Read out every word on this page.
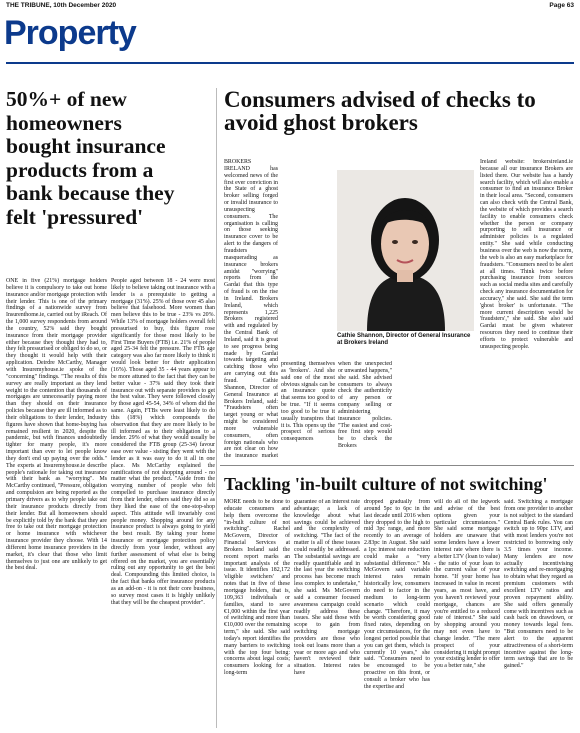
THE TRIBUNE, 10th December 2020	Page 63
Property
50%+ of new homeowners bought insurance products from a bank because they felt 'pressured'

ONE in five (21%) mortgage holders believe it is compulsory to take out home insurance and/or mortgage protection with their lender. This is one of the primary findings of a nationwide survey from Insurenthome.ie, carried out by iReach. Of the 1,000 survey respondents from around the country, 52% said they bought insurance from their mortgage provider either because they thought they had to, they felt pressurised or obliged to do so, or they thought it would help with their application. Deirdre McCarthy, Manager with Insuremyhouse.ie spoke of the "concerning" findings. "The results of this survey are really important as they lend weight to the contention that thousands of mortgages are unnecessarily paying more than they should on their insurance policies because they are ill informed as to their obligations to their lender, Industry figures have shown that home-buying has remained resilient in 2020, despite the pandemic, but with finances undoubtedly tighter for many people, it's more important than ever to let people know they don't end up paying over the odds." The experts at Insuremyhouse.ie describe people's rationale for taking out insurance with their bank as "worrying". Ms McCarthy continued, "Pressure, obligation and compulsion are being reported as the primary drivers as to why people take out their insurance products directly from their lender. But all homeowners should be explicitly told by the bank that they are free to take out their mortgage protection or home insurance with whichever insurance provider they choose. With 14 different home insurance providers in the market, it's clear that those who limit themselves to just one are unlikely to get the best deal.

People aged between 18 - 24 were most likely to believe taking out insurance with a lender is a prerequisite to getting a mortgage (31%). 25% of those over 45 also believe that falsehood. More women than men believe this to be true - 23% vs 20%. While 13% of mortgage holders overall felt pressurised to buy, this figure rose significantly for those most likely to be First Time Buyers (FTB) i.e. 21% of people aged 25-34 felt the pressure. The FTB age category was also far more likely to think it would look better for their application (16%). Those aged 35 - 44 years appear to be more attuned to the fact that they can be better value - 37% said they took their insurance out with separate providers to get the best value. They were followed closely by those aged 45-54, 34% of whom did the same. Again, FTBs were least likely to do this (18%) which compounds the observation that they are more likely to be ill informed as to their obligation to a lender. 29% of what they would usually be considered the FTB group (25-34) favour ease over value - sisting they went with the lender as it was easy to do it all in one place. Ms McCarthy explained the ramifications of not shopping around - no matter what the product. "Aside from the worrying number of people who felt compelled to purchase insurance directly from their lender, others said they did so as they liked the ease of the one-stop-shop aspect. This attitude will invariably cost people money. Shopping around for any insurance product is always going to yield the best result. By taking your home insurance or mortgage protection policy directly from your lender, without any further assessment of what else is being offered on the market, you are essentially ruling out any opportunity to get the best deal. Compounding this limited choice, is the fact that banks offer insurance products as an add-on - it is not their core business, so survey most cases it is highly unlikely that they will be the cheapest provider".

Consumers advised of checks to avoid ghost brokers

BROKERS IRELAND has welcomed news of the first ever conviction in the State of a ghost broker selling forged or invalid insurance to unsuspecting consumers. The organisation is calling on those seeking insurance cover to be alert to the dangers of fraudsters masquerading as insurance brokers amidst "worrying" reports from the Gardai that this type of fraud is on the rise in Ireland. Brokers Ireland, which represents 1,225 Brokers registered with and regulated by the Central Bank of Ireland, said it is great to see progress being made by Gardai towards targeting and catching those who are carrying out this fraud. Cathie Shannon, Director of General Insurance at Brokers Ireland, said: "Fraudsters often target young or what might be considered more vulnerable consumers, often foreign nationals who are not clear on how the insurance market

presenting themselves as 'brokers'. And she said one of the most obvious signals can be an insurance quote that seems too good to be true. "If it seems too good to be true it usually transpires that it is. This opens up the prospect of serious consequences

when the unexpected or unwanted happens," she said. She advised consumers to always check the authenticity of any person or company selling or administering insurance policies. "The easiest and cost-free first step would be to check the Brokers

Ireland website: brokersireland.ie because all our insurance Brokers are listed there. Our website has a handy search facility, which will also enable a consumer to find an insurance Broker in their local area. "Second, consumers can also check with the Central Bank, the website of which provides a search facility to enable consumers check whether the person or company purporting to sell insurance or administer policies is a regulated entity." She said while conducting business over the web is now the norm, the web is also an easy marketplace for fraudsters. "Consumers need to be alert at all times. Think twice before purchasing insurance from sources such as social media sites and carefully check any insurance documentation for accuracy," she said. She said the term 'ghost broker' is unfortunate. "The more current description would be 'fraudsters'," she said. She also said Gardai must be given whatever resources they need to continue their efforts to protect vulnerable and unsuspecting people.

Cathie Shannon, Director of General Insurance at Brokers Ireland
Tackling 'in-built culture of not switching'

MORE needs to be done to educate consumers and help them overcome the "in-built culture of not switching". Rachel McGovern, Director of Financial Services at Brokers Ireland said the recent report marks an important analysis of the issue. It identifies 182,172 'eligible switchers' and notes that in five of these mortgage holders, that is, 109,363 individuals or families, stand to save €1,000 within the first year of switching and more than €10,000 over the remaining term," she said. She said today's report identifies the many barriers to switching with the top four being: concerns about legal costs; consumers looking for a long-term

guarantee of an interest rate advantage; a lack of knowledge about what savings could be achieved and the complexity of switching. "The fact of the matter is all of these issues could readily be addressed. The substantial savings are readily quantifiable and in the last year the switching process has become much less complex to undertake," she said. Ms McGovern said a consumer focused awareness campaign could readily address these issues. She said those with scope to gain from switching mortgage providers are those who took out loans more than a year or more ago and who haven't reviewed their situation. Interest rates have

dropped gradually from around 5pc to 6pc in the last decade until 2016 when they dropped to the high to mid 3pc range, and more recently to an average of 2.83pc in August. She said a 1pc interest rate reduction could make a "very substantial difference." Ms McGovern said variable interest rates remain historically low, consumers do need to factor in the medium to long-term scenario which could change. "Therefore, it may be worth considering good fixed rates, depending on your circumstances, for the longest period possible that you can get them, which is currently 10 years," she said. "Consumers need to be encouraged to be proactive on this front, or consult a broker who has the expertise and

will do all of the legwork and advise of the best options given your particular circumstances." She said some mortgage holders are unaware that some lenders have a lower interest rate where there is a better LTV (loan to value) - the ratio of your loan to the current value of your home. "If your home has increased in value in recent years, as most have, and you haven't reviewed your mortgage, chances are you're entitled to a reduced rate of interest." She said by shopping around you may not even have to change lender. "The mere prospect of your considering it might prompt your existing lender to offer you a better rate," she

said. Switching a mortgage from one provider to another is not subject to the standard Central Bank rules. You can switch up to 90pc LTV, and with most lenders you're not restricted to borrowing only 3.5 times your income. Many lenders are now actually incentivising switching and re-mortgaging to obtain what they regard as premium customers with excellent LTV ratios and proven repayment ability. She said offers generally come with incentives such as cash back on drawdown, or money towards legal fees. "But consumers need to be alert to the apparent attractiveness of a short-term incentive against the long-term savings that are to be gained."
